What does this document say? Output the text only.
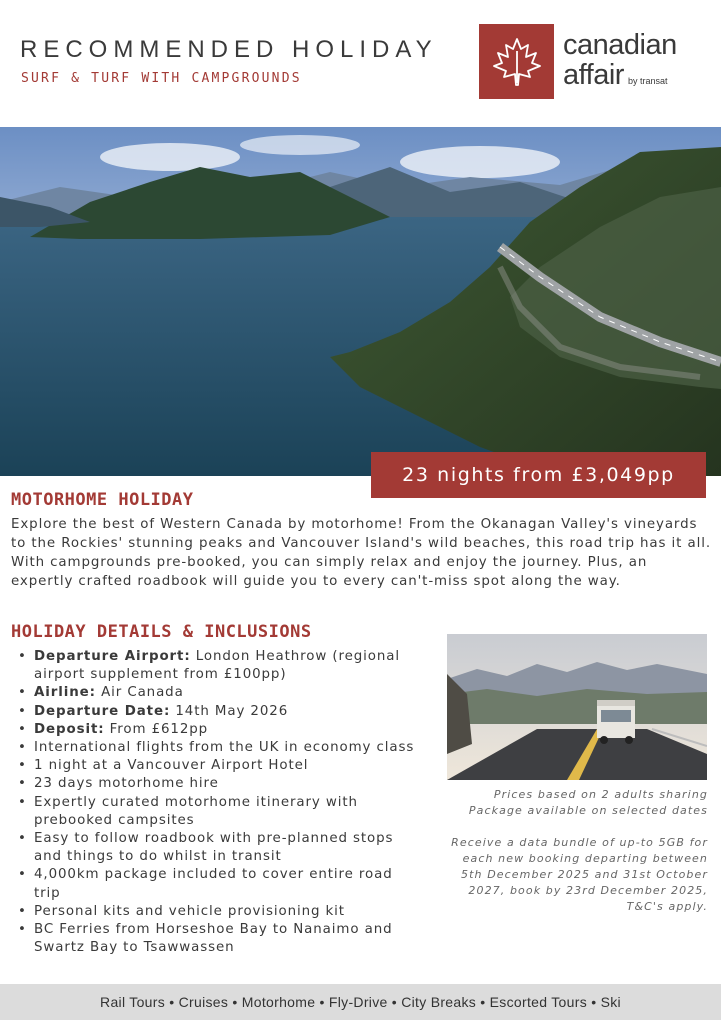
RECOMMENDED HOLIDAY
SURF & TURF WITH CAMPGROUNDS
canadian
affair by transat
23 nights from £3,049pp
MOTORHOME HOLIDAY
Explore the best of Western Canada by motorhome! From the Okanagan Valley's vineyards to the Rockies' stunning peaks and Vancouver Island's wild beaches, this road trip has it all. With campgrounds pre-booked, you can simply relax and enjoy the journey. Plus, an expertly crafted roadbook will guide you to every can't-miss spot along the way.
HOLIDAY DETAILS & INCLUSIONS
• Departure Airport: London Heathrow (regional airport supplement from £100pp)
• Airline: Air Canada
• Departure Date: 14th May 2026
• Deposit: From £612pp
• International flights from the UK in economy class
• 1 night at a Vancouver Airport Hotel
• 23 days motorhome hire
• Expertly curated motorhome itinerary with prebooked campsites
• Easy to follow roadbook with pre-planned stops and things to do whilst in transit
• 4,000km package included to cover entire road trip
• Personal kits and vehicle provisioning kit
• BC Ferries from Horseshoe Bay to Nanaimo and Swartz Bay to Tsawwassen
Prices based on 2 adults sharing
Package available on selected dates
Receive a data bundle of up-to 5GB for each new booking departing between 5th December 2025 and 31st October 2027, book by 23rd December 2025, T&C's apply.
Rail Tours • Cruises • Motorhome • Fly-Drive • City Breaks • Escorted Tours • Ski
